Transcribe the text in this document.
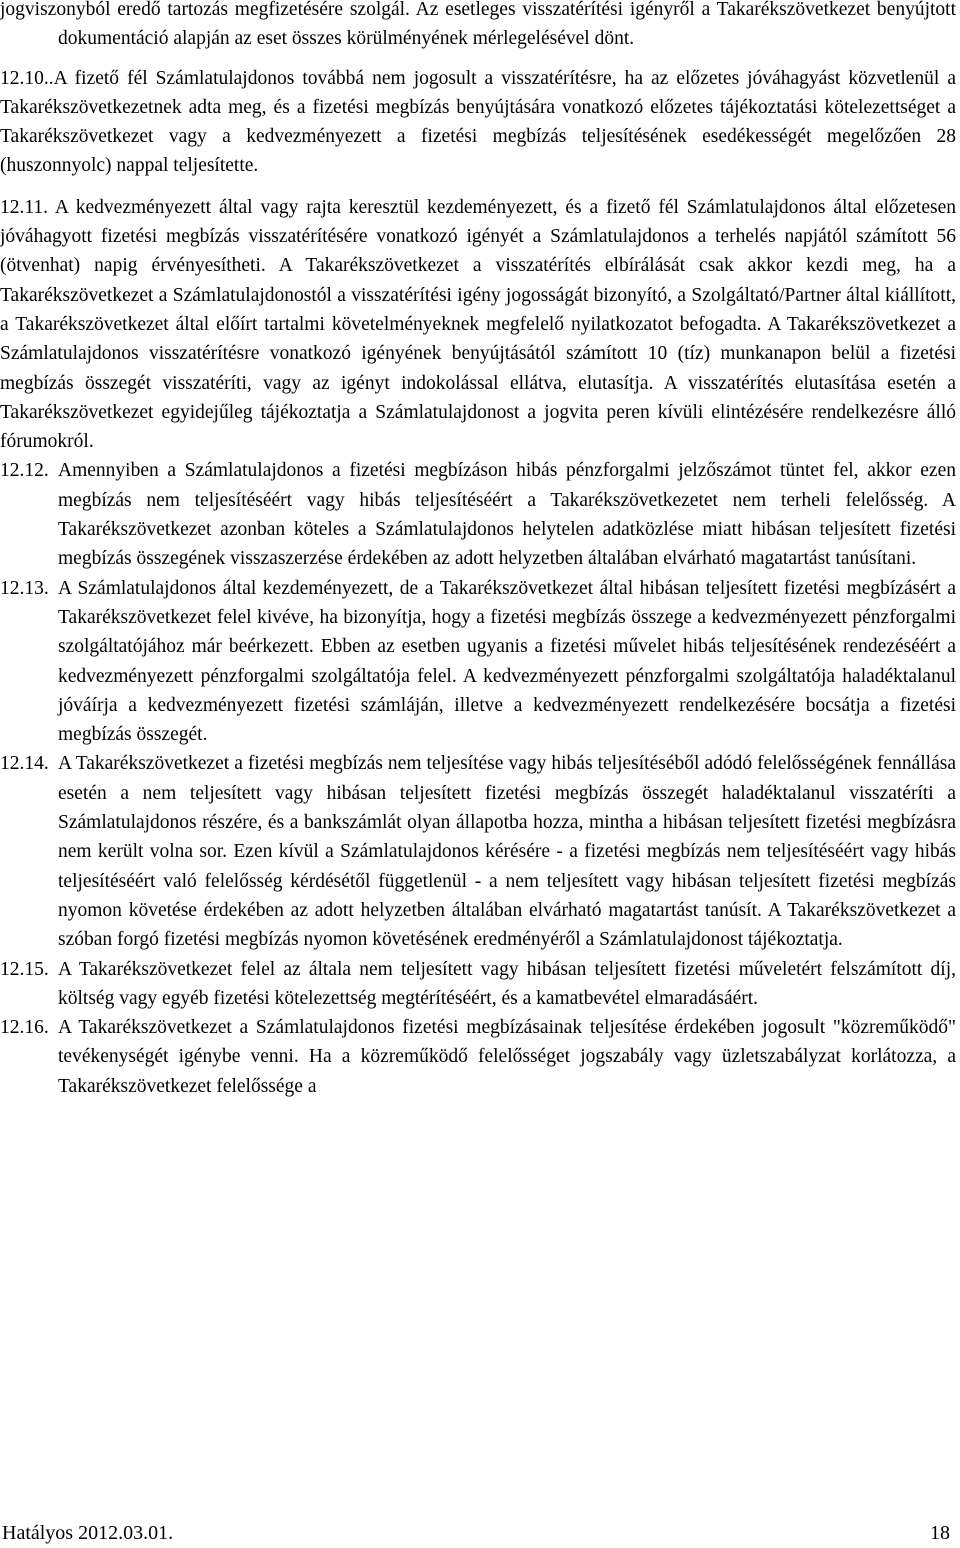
jogviszonyból eredő tartozás megfizetésére szolgál. Az esetleges visszatérítési igényről a Takarékszövetkezet benyújtott dokumentáció alapján az eset összes körülményének mérlegelésével dönt.

12.10..A fizető fél Számlatulajdonos továbbá nem jogosult a visszatérítésre, ha az előzetes jóváhagyást közvetlenül a Takarékszövetkezetnek adta meg, és a fizetési megbízás benyújtására vonatkozó előzetes tájékoztatási kötelezettséget a Takarékszövetkezet vagy a kedvezményezett a fizetési megbízás teljesítésének esedékességét megelőzően 28 (huszonnyolc) nappal teljesítette.

12.11. A kedvezményezett által vagy rajta keresztül kezdeményezett, és a fizető fél Számlatulajdonos által előzetesen jóváhagyott fizetési megbízás visszatérítésére vonatkozó igényét a Számlatulajdonos a terhelés napjától számított 56 (ötvenhat) napig érvényesítheti. A Takarékszövetkezet a visszatérítés elbírálását csak akkor kezdi meg, ha a Takarékszövetkezet a Számlatulajdonostól a visszatérítési igény jogosságát bizonyító, a Szolgáltató/Partner által kiállított, a Takarékszövetkezet által előírt tartalmi követelményeknek megfelelő nyilatkozatot befogadta. A Takarékszövetkezet a Számlatulajdonos visszatérítésre vonatkozó igényének benyújtásától számított 10 (tíz) munkanapon belül a fizetési megbízás összegét visszatéríti, vagy az igényt indokolással ellátva, elutasítja. A visszatérítés elutasítása esetén a Takarékszövetkezet egyidejűleg tájékoztatja a Számlatulajdonost a jogvita peren kívüli elintézésére rendelkezésre álló fórumokról.

12.12. Amennyiben a Számlatulajdonos a fizetési megbízáson hibás pénzforgalmi jelzőszámot tüntet fel, akkor ezen megbízás nem teljesítéséért vagy hibás teljesítéséért a Takarékszövetkezetet nem terheli felelősség. A Takarékszövetkezet azonban köteles a Számlatulajdonos helytelen adatközlése miatt hibásan teljesített fizetési megbízás összegének visszaszerzése érdekében az adott helyzetben általában elvárható magatartást tanúsítani.

12.13. A Számlatulajdonos által kezdeményezett, de a Takarékszövetkezet által hibásan teljesített fizetési megbízásért a Takarékszövetkezet felel kivéve, ha bizonyítja, hogy a fizetési megbízás összege a kedvezményezett pénzforgalmi szolgáltatójához már beérkezett. Ebben az esetben ugyanis a fizetési művelet hibás teljesítésének rendezéséért a kedvezményezett pénzforgalmi szolgáltatója felel. A kedvezményezett pénzforgalmi szolgáltatója haladéktalanul jóváírja a kedvezményezett fizetési számláján, illetve a kedvezményezett rendelkezésére bocsátja a fizetési megbízás összegét.

12.14. A Takarékszövetkezet a fizetési megbízás nem teljesítése vagy hibás teljesítéséből adódó felelősségének fennállása esetén a nem teljesített vagy hibásan teljesített fizetési megbízás összegét haladéktalanul visszatéríti a Számlatulajdonos részére, és a bankszámlát olyan állapotba hozza, mintha a hibásan teljesített fizetési megbízásra nem került volna sor. Ezen kívül a Számlatulajdonos kérésére - a fizetési megbízás nem teljesítéséért vagy hibás teljesítéséért való felelősség kérdésétől függetlenül - a nem teljesített vagy hibásan teljesített fizetési megbízás nyomon követése érdekében az adott helyzetben általában elvárható magatartást tanúsít. A Takarékszövetkezet a szóban forgó fizetési megbízás nyomon követésének eredményéről a Számlatulajdonost tájékoztatja.

12.15. A Takarékszövetkezet felel az általa nem teljesített vagy hibásan teljesített fizetési műveletért felszámított díj, költség vagy egyéb fizetési kötelezettség megtérítéséért, és a kamatbevétel elmaradásáért.

12.16. A Takarékszövetkezet a Számlatulajdonos fizetési megbízásainak teljesítése érdekében jogosult "közreműködő" tevékenységét igénybe venni. Ha a közreműködő felelősséget jogszabály vagy üzletszabályzat korlátozza, a Takarékszövetkezet felelőssége a

Hatályos 2012.03.01.	18
